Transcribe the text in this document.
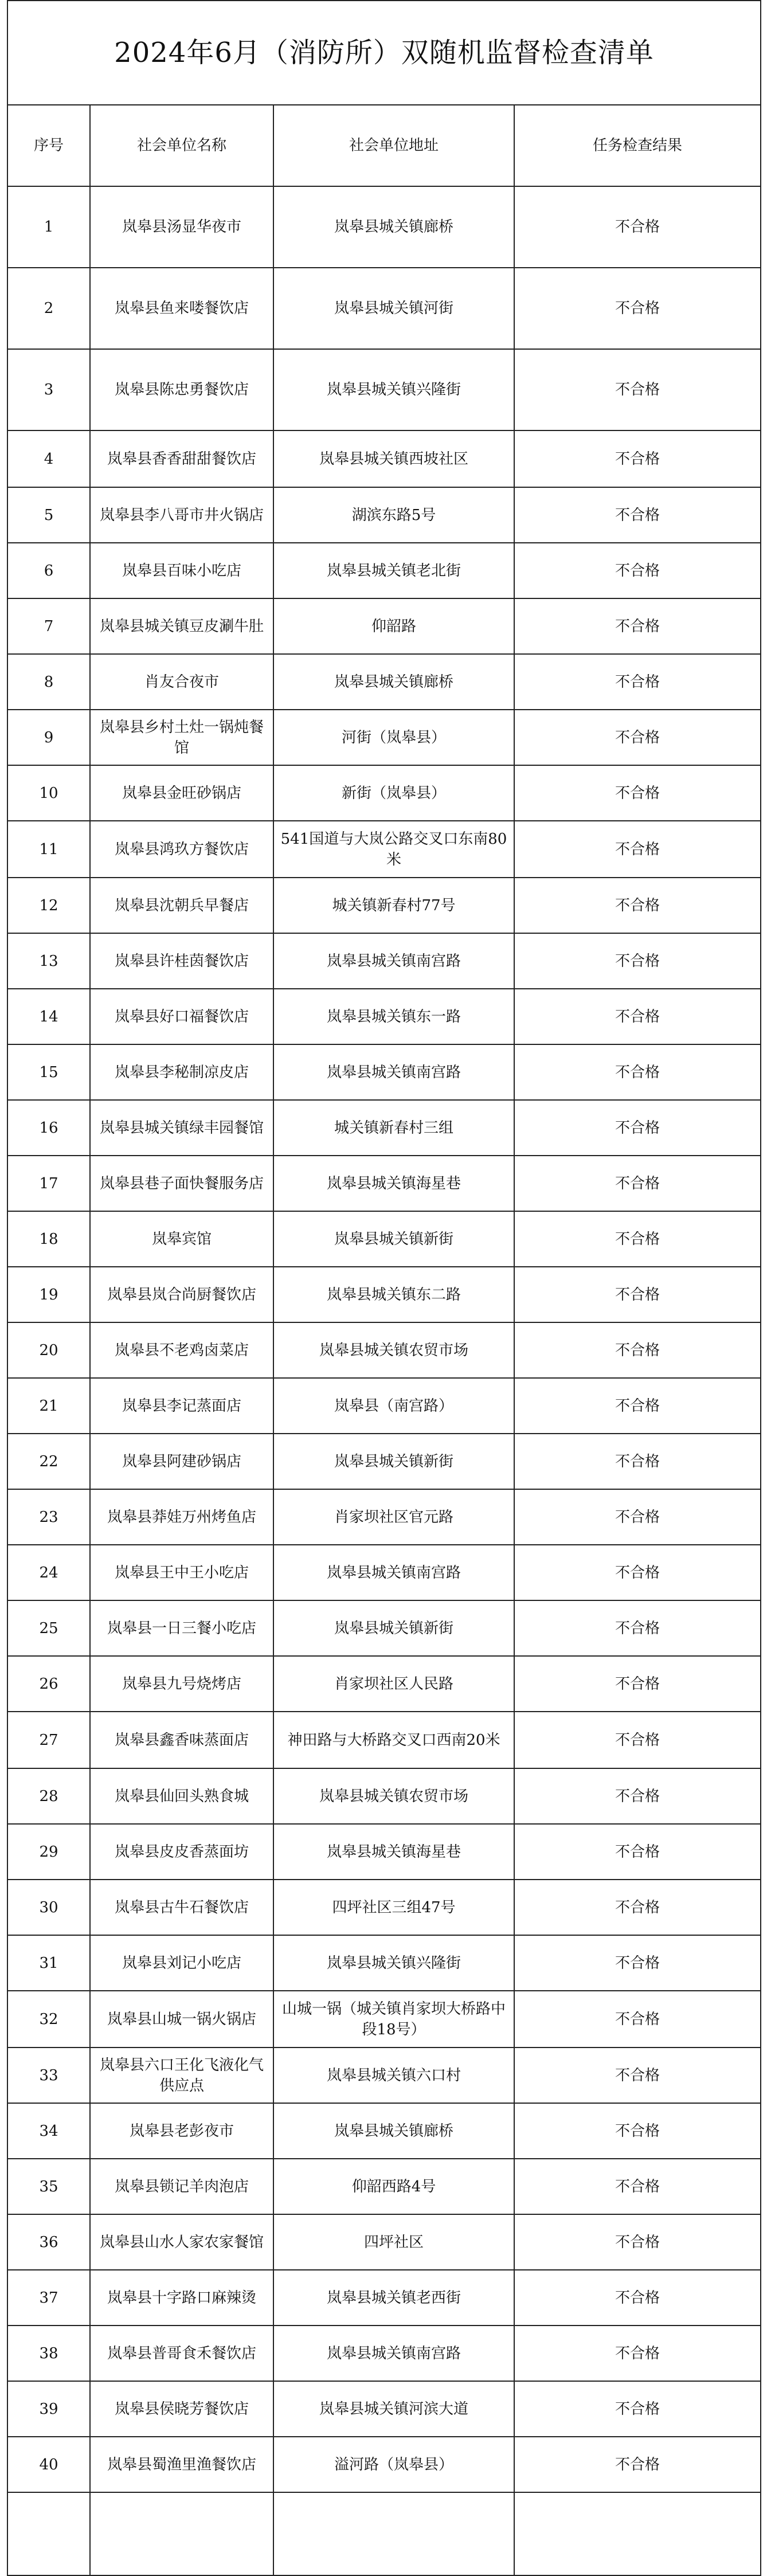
2024年6月（消防所）双随机监督检查清单			
序号	社会单位名称	社会单位地址	任务检查结果
1	岚皋县汤显华夜市	岚皋县城关镇廊桥	不合格
2	岚皋县鱼来喽餐饮店	岚皋县城关镇河街	不合格
3	岚皋县陈忠勇餐饮店	岚皋县城关镇兴隆街	不合格
4	岚皋县香香甜甜餐饮店	岚皋县城关镇西坡社区	不合格
5	岚皋县李八哥市井火锅店	湖滨东路5号	不合格
6	岚皋县百味小吃店	岚皋县城关镇老北街	不合格
7	岚皋县城关镇豆皮涮牛肚	仰韶路	不合格
8	肖友合夜市	岚皋县城关镇廊桥	不合格
9	岚皋县乡村土灶一锅炖餐馆	河街（岚皋县）	不合格
10	岚皋县金旺砂锅店	新街（岚皋县）	不合格
11	岚皋县鸿玖方餐饮店	541国道与大岚公路交叉口东南80米	不合格
12	岚皋县沈朝兵早餐店	城关镇新春村77号	不合格
13	岚皋县许桂茵餐饮店	岚皋县城关镇南宫路	不合格
14	岚皋县好口福餐饮店	岚皋县城关镇东一路	不合格
15	岚皋县李秘制凉皮店	岚皋县城关镇南宫路	不合格
16	岚皋县城关镇绿丰园餐馆	城关镇新春村三组	不合格
17	岚皋县巷子面快餐服务店	岚皋县城关镇海星巷	不合格
18	岚皋宾馆	岚皋县城关镇新街	不合格
19	岚皋县岚合尚厨餐饮店	岚皋县城关镇东二路	不合格
20	岚皋县不老鸡卤菜店	岚皋县城关镇农贸市场	不合格
21	岚皋县李记蒸面店	岚皋县（南宫路）	不合格
22	岚皋县阿建砂锅店	岚皋县城关镇新街	不合格
23	岚皋县莽娃万州烤鱼店	肖家坝社区官元路	不合格
24	岚皋县王中王小吃店	岚皋县城关镇南宫路	不合格
25	岚皋县一日三餐小吃店	岚皋县城关镇新街	不合格
26	岚皋县九号烧烤店	肖家坝社区人民路	不合格
27	岚皋县鑫香味蒸面店	神田路与大桥路交叉口西南20米	不合格
28	岚皋县仙回头熟食城	岚皋县城关镇农贸市场	不合格
29	岚皋县皮皮香蒸面坊	岚皋县城关镇海星巷	不合格
30	岚皋县古牛石餐饮店	四坪社区三组47号	不合格
31	岚皋县刘记小吃店	岚皋县城关镇兴隆街	不合格
32	岚皋县山城一锅火锅店	山城一锅（城关镇肖家坝大桥路中段18号）	不合格
33	岚皋县六口王化飞液化气供应点	岚皋县城关镇六口村	不合格
34	岚皋县老彭夜市	岚皋县城关镇廊桥	不合格
35	岚皋县锁记羊肉泡店	仰韶西路4号	不合格
36	岚皋县山水人家农家餐馆	四坪社区	不合格
37	岚皋县十字路口麻辣烫	岚皋县城关镇老西街	不合格
38	岚皋县普哥食禾餐饮店	岚皋县城关镇南宫路	不合格
39	岚皋县侯晓芳餐饮店	岚皋县城关镇河滨大道	不合格
40	岚皋县蜀渔里渔餐饮店	溢河路（岚皋县）	不合格
